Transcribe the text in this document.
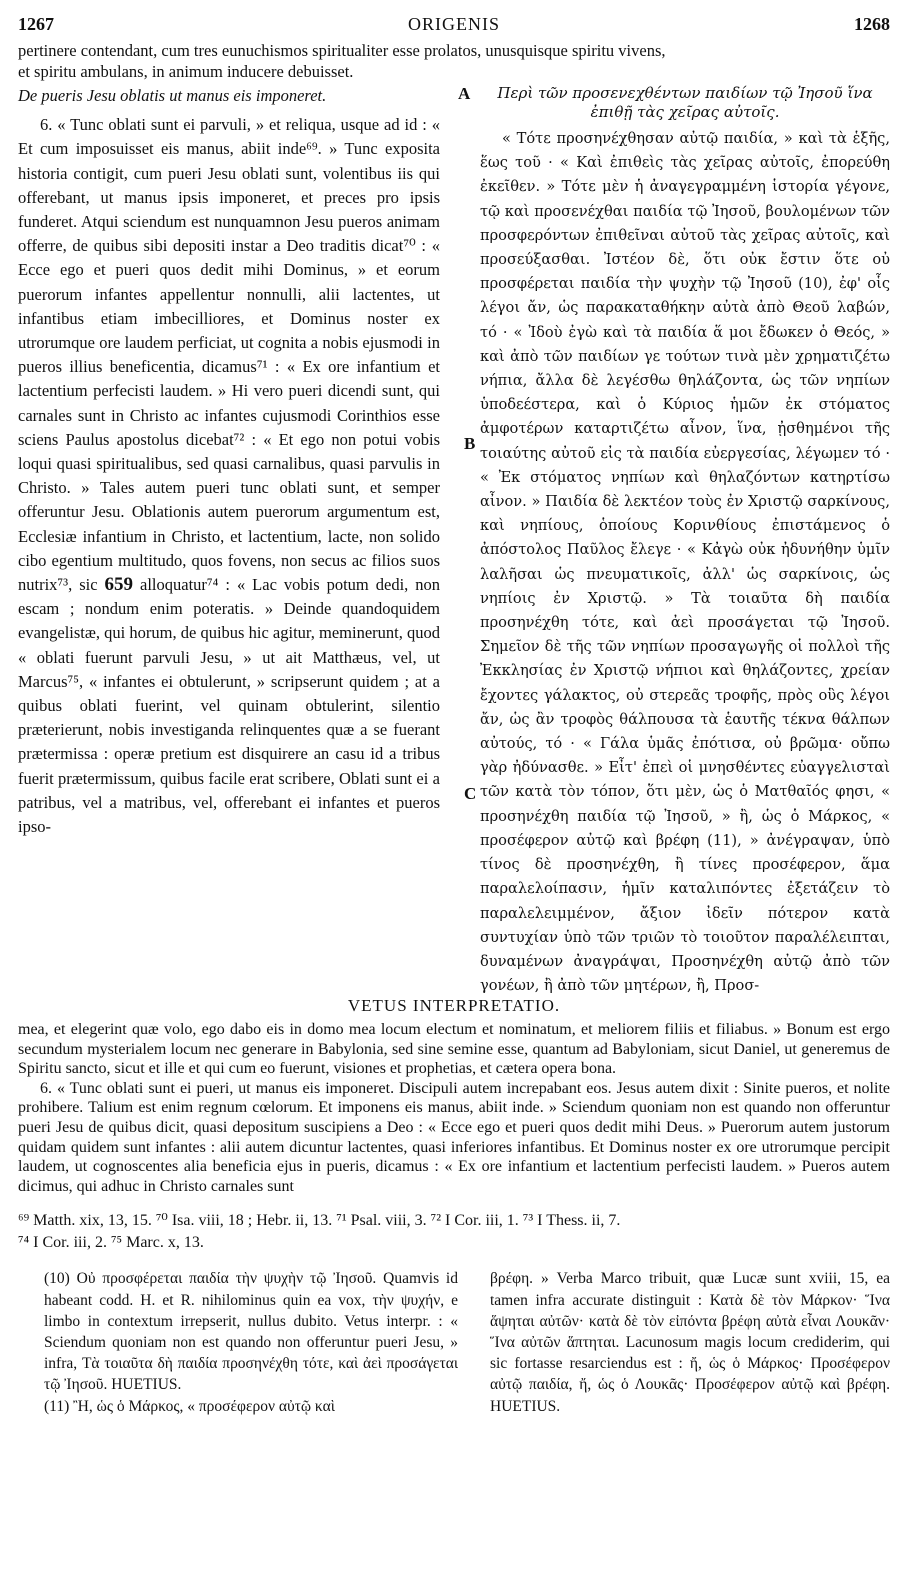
1267	ORIGENIS	1268

pertinere contendant, cum tres eunuchismos spiritualiter esse prolatos, unusquisque spiritu vivens,

et spiritu ambulans, in animum inducere debuisset.

De pueris Jesu oblatis ut manus eis imponeret.

6. « Tunc oblati sunt ei parvuli, » et reliqua, usque ad id : « Et cum imposuisset eis manus, abiit inde⁶⁹. » Tunc exposita historia contigit, cum pueri Jesu oblati sunt, volentibus iis qui offerebant, ut manus ipsis imponeret, et preces pro ipsis funderet. Atqui sciendum est nunquamnon Jesu pueros animam offerre, de quibus sibi depositi instar a Deo traditis dicat⁷⁰ : « Ecce ego et pueri quos dedit mihi Dominus, » et eorum puerorum infantes appellentur nonnulli, alii lactentes, ut infantibus etiam imbecilliores, et Dominus noster ex utrorumque ore laudem perficiat, ut cognita a nobis ejusmodi in pueros illius beneficentia, dicamus⁷¹ : « Ex ore infantium et lactentium perfecisti laudem. » Hi vero pueri dicendi sunt, qui carnales sunt in Christo ac infantes cujusmodi Corinthios esse sciens Paulus apostolus dicebat⁷² : « Et ego non potui vobis loqui quasi spiritualibus, sed quasi carnalibus, quasi parvulis in Christo. » Tales autem pueri tunc oblati sunt, et semper offeruntur Jesu. Oblationis autem puerorum argumentum est, Ecclesiæ infantium in Christo, et lactentium, lacte, non solido cibo egentium multitudo, quos fovens, non secus ac filios suos nutrix⁷³, sic 659 alloquatur⁷⁴ : « Lac vobis potum dedi, non escam ; nondum enim poteratis. » Deinde quandoquidem evangelistæ, qui horum, de quibus hic agitur, meminerunt, quod « oblati fuerunt parvuli Jesu, » ut ait Matthæus, vel, ut Marcus⁷⁵, « infantes ei obtulerunt, » scripserunt quidem ; at a quibus oblati fuerint, vel quinam obtulerint, silentio præterierunt, nobis investiganda relinquentes quæ a se fuerant prætermissa : operæ pretium est disquirere an casu id a tribus fuerit prætermissum, quibus facile erat scribere, Oblati sunt ei a patribus, vel a matribus, vel, offerebant ei infantes et pueros ipso-

A
B
C

Περὶ τῶν προσενεχθέντων παιδίων τῷ Ἰησοῦ ἵνα ἐπιθῇ τὰς χεῖρας αὐτοῖς.

« Τότε προσηνέχθησαν αὐτῷ παιδία, » καὶ τὰ ἑξῆς, ἕως τοῦ · « Καὶ ἐπιθεὶς τὰς χεῖρας αὐτοῖς, ἐπορεύθη ἐκεῖθεν. » Τότε μὲν ἡ ἀναγεγραμμένη ἱστορία γέγονε, τῷ καὶ προσενέχθαι παιδία τῷ Ἰησοῦ, βουλομένων τῶν προσφερόντων ἐπιθεῖναι αὐτοῦ τὰς χεῖρας αὐτοῖς, καὶ προσεύξασθαι. Ἰστέον δὲ, ὅτι οὐκ ἔστιν ὅτε οὐ προσφέρεται παιδία τὴν ψυχὴν τῷ Ἰησοῦ (10), ἐφ' οἷς λέγοι ἄν, ὡς παρακαταθήκην αὐτὰ ἀπὸ Θεοῦ λαβών, τό · « Ἰδοὺ ἐγὼ καὶ τὰ παιδία ἅ μοι ἔδωκεν ὁ Θεός, » καὶ ἀπὸ τῶν παιδίων γε τούτων τινὰ μὲν χρηματιζέτω νήπια, ἄλλα δὲ λεγέσθω θηλάζοντα, ὡς τῶν νηπίων ὑποδεέστερα, καὶ ὁ Κύριος ἡμῶν ἐκ στόματος ἀμφοτέρων καταρτιζέτω αἶνον, ἵνα, ᾐσθημένοι τῆς τοιαύτης αὐτοῦ εἰς τὰ παιδία εὐεργεσίας, λέγωμεν τό · « Ἐκ στόματος νηπίων καὶ θηλαζόντων κατηρτίσω αἶνον. » Παιδία δὲ λεκτέον τοὺς ἐν Χριστῷ σαρκίνους, καὶ νηπίους, ὁποίους Κορινθίους ἐπιστάμενος ὁ ἀπόστολος Παῦλος ἔλεγε · « Κἀγὼ οὐκ ἠδυνήθην ὑμῖν λαλῆσαι ὡς πνευματικοῖς, ἀλλ' ὡς σαρκίνοις, ὡς νηπίοις ἐν Χριστῷ. » Τὰ τοιαῦτα δὴ παιδία προσηνέχθη τότε, καὶ ἀεὶ προσάγεται τῷ Ἰησοῦ. Σημεῖον δὲ τῆς τῶν νηπίων προσαγωγῆς οἱ πολλοὶ τῆς Ἐκκλησίας ἐν Χριστῷ νήπιοι καὶ θηλάζοντες, χρείαν ἔχοντες γάλακτος, οὐ στερεᾶς τροφῆς, πρὸς οὓς λέγοι ἄν, ὡς ἂν τροφὸς θάλπουσα τὰ ἑαυτῆς τέκνα θάλπων αὐτούς, τό · « Γάλα ὑμᾶς ἐπότισα, οὐ βρῶμα· οὔπω γὰρ ἠδύνασθε. » Εἶτ' ἐπεὶ οἱ μνησθέντες εὐαγγελισταὶ τῶν κατὰ τὸν τόπον, ὅτι μὲν, ὡς ὁ Ματθαῖός φησι, « προσηνέχθη παιδία τῷ Ἰησοῦ, » ἢ, ὡς ὁ Μάρκος, « προσέφερον αὐτῷ καὶ βρέφη (11), » ἀνέγραψαν, ὑπὸ τίνος δὲ προσηνέχθη, ἢ τίνες προσέφερον, ἅμα παραλελοίπασιν, ἡμῖν καταλιπόντες ἐξετάζειν τὸ παραλελειμμένον, ἄξιον ἰδεῖν πότερον κατὰ συντυχίαν ὑπὸ τῶν τριῶν τὸ τοιοῦτον παραλέλειπται, δυναμένων ἀναγράψαι, Προσηνέχθη αὐτῷ ἀπὸ τῶν γονέων, ἢ ἀπὸ τῶν μητέρων, ἢ, Προσ-

VETUS INTERPRETATIO.

mea, et elegerint quæ volo, ego dabo eis in domo mea locum electum et nominatum, et meliorem filiis et filiabus. » Bonum est ergo secundum mysterialem locum nec generare in Babylonia, sed sine semine esse, quantum ad Babyloniam, sicut Daniel, ut generemus de Spiritu sancto, sicut et ille et qui cum eo fuerunt, visiones et prophetias, et cætera opera bona.

6. « Tunc oblati sunt ei pueri, ut manus eis imponeret. Discipuli autem increpabant eos. Jesus autem dixit : Sinite pueros, et nolite prohibere. Talium est enim regnum cœlorum. Et imponens eis manus, abiit inde. » Sciendum quoniam non est quando non offeruntur pueri Jesu de quibus dicit, quasi depositum suscipiens a Deo : « Ecce ego et pueri quos dedit mihi Deus. » Puerorum autem justorum quidam quidem sunt infantes : alii autem dicuntur lactentes, quasi inferiores infantibus. Et Dominus noster ex ore utrorumque percipit laudem, ut cognoscentes alia beneficia ejus in pueris, dicamus : « Ex ore infantium et lactentium perfecisti laudem. » Pueros autem dicimus, qui adhuc in Christo carnales sunt

⁶⁹ Matth. xix, 13, 15. ⁷⁰ Isa. viii, 18 ; Hebr. ii, 13. ⁷¹ Psal. viii, 3. ⁷² I Cor. iii, 1. ⁷³ I Thess. ii, 7.

⁷⁴ I Cor. iii, 2. ⁷⁵ Marc. x, 13.

(10) Οὐ προσφέρεται παιδία τὴν ψυχὴν τῷ Ἰησοῦ. Quamvis id habeant codd. H. et R. nihilominus quin ea vox, τὴν ψυχήν, e limbo in contextum irrepserit, nullus dubito. Vetus interpr. : « Sciendum quoniam non est quando non offeruntur pueri Jesu, » infra, Τὰ τοιαῦτα δὴ παιδία προσηνέχθη τότε, καὶ ἀεὶ προσάγεται τῷ Ἰησοῦ. HUETIUS.

(11) Ἢ, ὡς ὁ Μάρκος, « προσέφερον αὐτῷ καὶ

βρέφη. » Verba Marco tribuit, quæ Lucæ sunt xviii, 15, ea tamen infra accurate distinguit : Κατὰ δὲ τὸν Μάρκον· Ἵνα ἅψηται αὐτῶν· κατὰ δὲ τὸν εἰπόντα βρέφη αὐτὰ εἶναι Λουκᾶν· Ἵνα αὐτῶν ἅπτηται. Lacunosum magis locum crediderim, qui sic fortasse resarciendus est : ἤ, ὡς ὁ Μάρκος· Προσέφερον αὐτῷ παιδία, ἤ, ὡς ὁ Λουκᾶς· Προσέφερον αὐτῷ καὶ βρέφη. HUETIUS.
